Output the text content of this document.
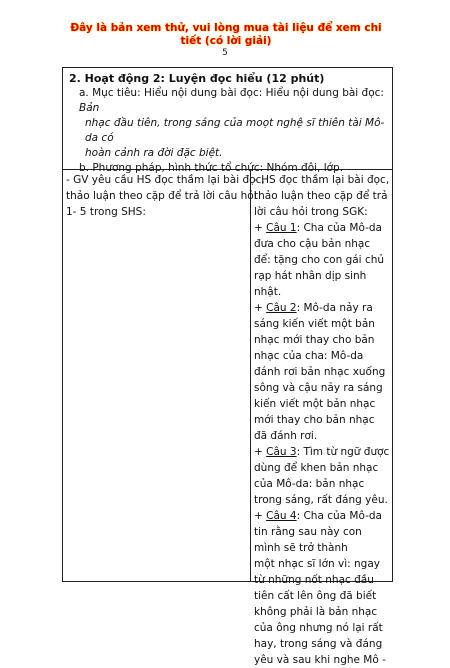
Đây là bản xem thử, vui lòng mua tài liệu để xem chi tiết (có lời giải)
5
2. Hoạt động 2: Luyện đọc hiểu (12 phút)
a. Mục tiêu: Hiểu nội dung bài đọc: Hiểu nội dung bài đọc: Bản
nhạc đầu tiên, trong sáng của moọt nghệ sĩ thiên tài Mô-da có
hoàn cảnh ra đời đặc biệt.
b. Phương pháp, hình thức tổ chức: Nhóm đôi, lớp.
- GV yêu cầu HS đọc thầm lại bài đọc,
thảo luận theo cặp để trả lời câu hỏi
1- 5 trong SHS:
- HS đọc thầm lại bài đọc,
thảo luận theo cặp để trả
lời câu hỏi trong SGK:
+ Câu 1: Cha của Mô-da
đưa cho cậu bản nhạc
để: tặng cho con gái chủ
rạp hát nhân dịp sinh
nhật.
+ Câu 2: Mô-da nảy ra
sáng kiến viết một bản
nhạc mới thay cho bản
nhạc của cha: Mô-da
đánh rơi bản nhạc xuống
sông và cậu nảy ra sáng
kiến viết một bản nhạc
mới thay cho bản nhạc
đã đánh rơi.
+ Câu 3: Tìm từ ngữ được
dùng để khen bản nhạc
của Mô-da: bản nhạc
trong sáng, rất đáng yêu.
+ Câu 4: Cha của Mô-da
tin rằng sau này con
mình sẽ trở thành
một nhạc sĩ lớn vì: ngay
từ những nốt nhạc đầu
tiên cất lên ông đã biết
không phải là bản nhạc
của ông nhưng nó lại rất
hay, trong sáng và đáng
yêu và sau khi nghe Mô -
